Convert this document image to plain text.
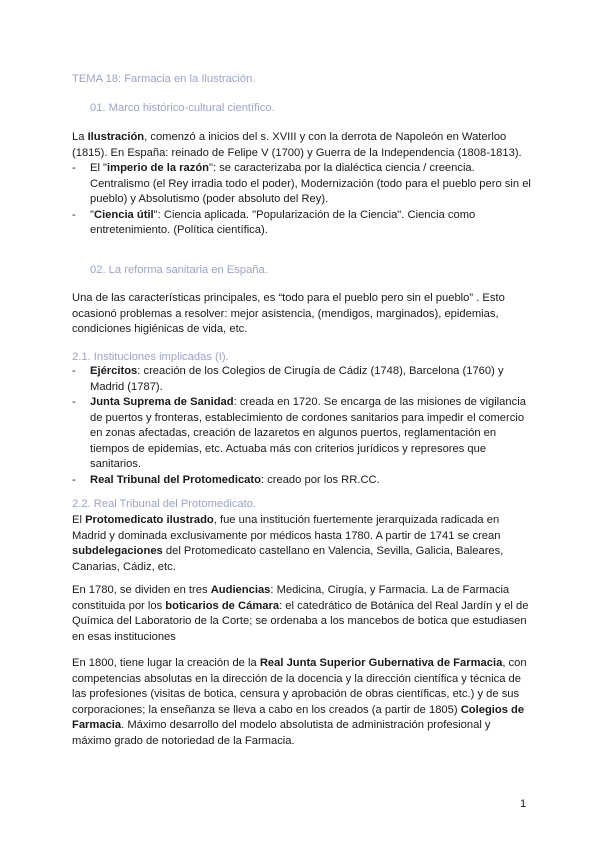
TEMA 18: Farmacia en la Ilustración.
01. Marco histórico-cultural científico.

La Ilustración, comenzó a inicios del s. XVIII y con la derrota de Napoleón en Waterloo (1815). En España: reinado de Felipe V (1700) y Guerra de la Independencia (1808-1813).

- El "imperio de la razón": se caracterizaba por la dialéctica ciencia / creencia. Centralismo (el Rey irradia todo el poder), Modernización (todo para el pueblo pero sin el pueblo) y Absolutismo (poder absoluto del Rey).
- "Ciencia útil": Ciencia aplicada. "Popularización de la Ciencia". Ciencia como entretenimiento. (Política científica).
02. La reforma sanitaria en España.

Una de las características principales, es “todo para el pueblo pero sin el pueblo” . Esto ocasionó problemas a resolver: mejor asistencia, (mendigos, marginados), epidemias, condiciones higiénicas de vida, etc.

2.1. Instituciones implicadas (I).
- Ejércitos: creación de los Colegios de Cirugía de Cádiz (1748), Barcelona (1760) y Madrid (1787).
- Junta Suprema de Sanidad: creada en 1720. Se encarga de las misiones de vigilancia de puertos y fronteras, establecimiento de cordones sanitarios para impedir el comercio en zonas afectadas, creación de lazaretos en algunos puertos, reglamentación en tiempos de epidemias, etc. Actuaba más con criterios jurídicos y represores que sanitarios.
- Real Tribunal del Protomedicato: creado por los RR.CC.
2.2. Real Tribunal del Protomedicato.

El Protomedicato ilustrado, fue una institución fuertemente jerarquizada radicada en Madrid y dominada exclusivamente por médicos hasta 1780. A partir de 1741 se crean subdelegaciones del Protomedicato castellano en Valencia, Sevilla, Galicia, Baleares, Canarias, Cádiz, etc.

En 1780, se dividen en tres Audiencias: Medicina, Cirugía, y Farmacia. La de Farmacia constituida por los boticarios de Cámara: el catedrático de Botánica del Real Jardín y el de Química del Laboratorio de la Corte; se ordenaba a los mancebos de botica que estudiasen en esas instituciones

En 1800, tiene lugar la creación de la Real Junta Superior Gubernativa de Farmacia, con competencias absolutas en la dirección de la docencia y la dirección científica y técnica de las profesiones (visitas de botica, censura y aprobación de obras científicas, etc.) y de sus corporaciones; la enseñanza se lleva a cabo en los creados (a partir de 1805) Colegios de Farmacia. Máximo desarrollo del modelo absolutista de administración profesional y máximo grado de notoriedad de la Farmacia.

1
